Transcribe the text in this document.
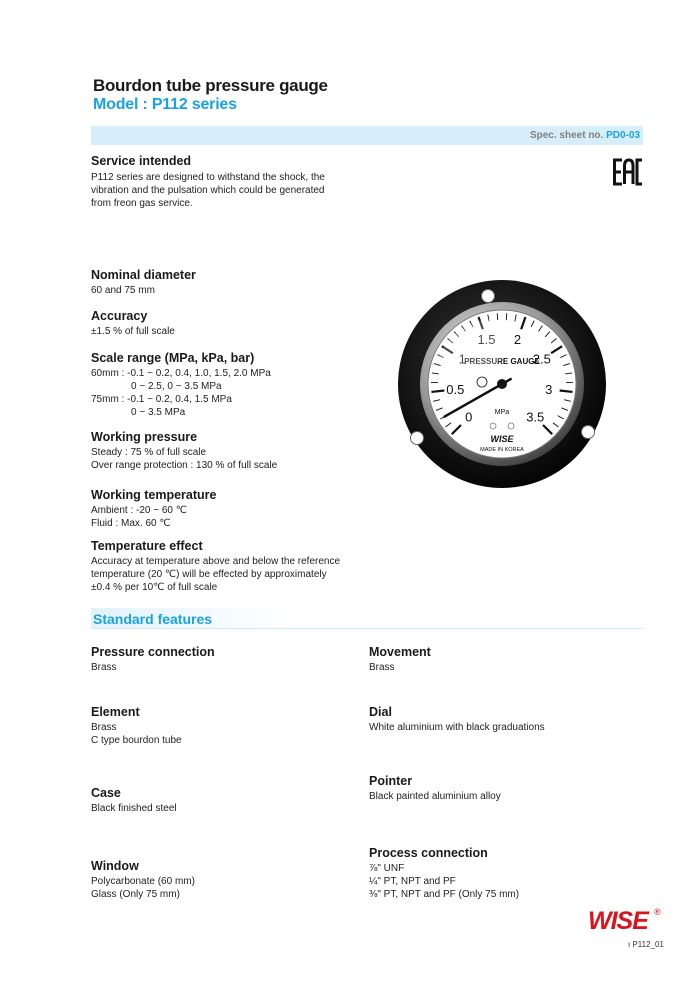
Bourdon tube pressure gauge
Model : P112 series
Spec. sheet no. PD0-03
Service intended
P112 series are designed to withstand the shock, the
vibration and the pulsation which could be generated
from freon gas service.
Nominal diameter
60 and 75 mm
Accuracy
±1.5 % of full scale
Scale range (MPa, kPa, bar)
60mm : -0.1 ~ 0.2, 0.4, 1.0, 1.5, 2.0 MPa
0 ~ 2.5, 0 ~ 3.5 MPa
75mm : -0.1 ~ 0.2, 0.4, 1.5 MPa
0 ~ 3.5 MPa
Working pressure
Steady : 75 % of full scale
Over range protection : 130 % of full scale
Working temperature
Ambient : -20 ~ 60 ℃
Fluid : Max. 60 ℃
Temperature effect
Accuracy at temperature above and below the reference
temperature (20 ℃) will be effected by approximately
±0.4 % per 10℃ of full scale
0
0.5
1
1.5 2
2.5
3
3.5
PRESSURE GAUGE
MPa
WISE
MADE IN KOREA
Standard features
Pressure connection
Brass
Movement
Brass
Element
Brass
C type bourdon tube
Dial
White aluminium with black graduations
Pointer
Black painted aluminium alloy
Case
Black finished steel
Process connection
⅞" UNF
¼" PT, NPT and PF
⅜" PT, NPT and PF (Only 75 mm)
Window
Polycarbonate (60 mm)
Glass (Only 75 mm)
WISE ®
ı P112_01
